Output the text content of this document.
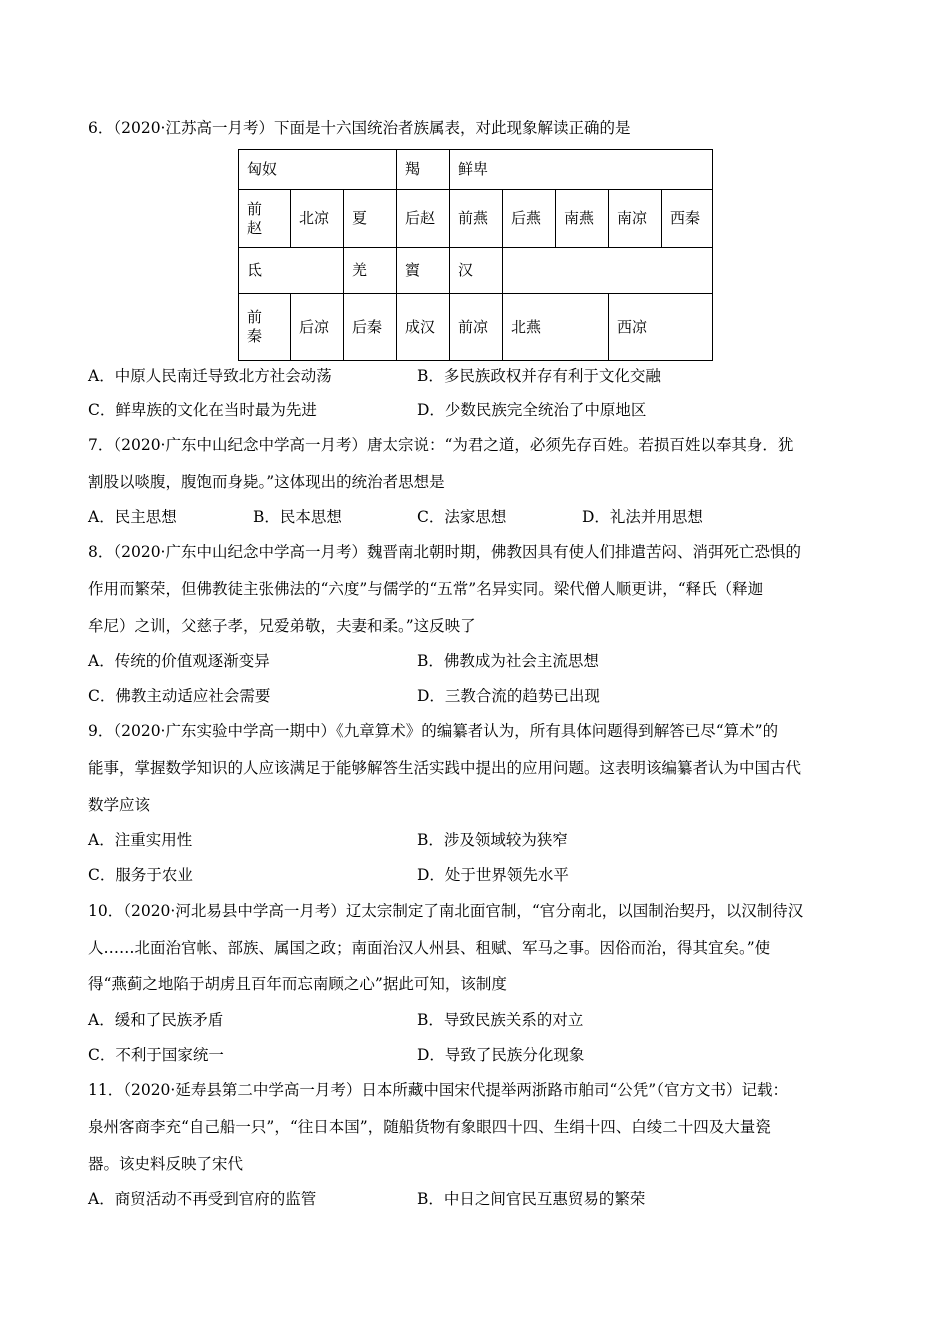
6．（2020·江苏高一月考）下面是十六国统治者族属表，对此现象解读正确的是
匈奴			羯	鲜卑				

前赵	北凉	夏	后赵	前燕	后燕	南燕	南凉	西秦
氐		羌	賨	汉				

前秦	后凉	后秦	成汉	前凉	北燕		西凉	
A．中原人民南迁导致北方社会动荡	B．多民族政权并存有利于文化交融
C．鲜卑族的文化在当时最为先进	D．少数民族完全统治了中原地区
7．（2020·广东中山纪念中学高一月考）唐太宗说：“为君之道，必须先存百姓。若损百姓以奉其身．犹
割股以啖腹，腹饱而身毙。”这体现出的统治者思想是
A．民主思想	B．民本思想	C．法家思想	D．礼法并用思想
8．（2020·广东中山纪念中学高一月考）魏晋南北朝时期，佛教因具有使人们排遣苦闷、消弭死亡恐惧的
作用而繁荣，但佛教徒主张佛法的“六度”与儒学的“五常”名异实同。梁代僧人顺更讲，“释氏（释迦
牟尼）之训，父慈子孝，兄爱弟敬，夫妻和柔。”这反映了
A．传统的价值观逐渐变异	B．佛教成为社会主流思想
C．佛教主动适应社会需要	D．三教合流的趋势已出现
9．（2020·广东实验中学高一期中）《九章算术》的编纂者认为，所有具体问题得到解答已尽“算术”的
能事，掌握数学知识的人应该满足于能够解答生活实践中提出的应用问题。这表明该编纂者认为中国古代
数学应该
A．注重实用性	B．涉及领域较为狭窄
C．服务于农业	D．处于世界领先水平
10．（2020·河北易县中学高一月考）辽太宗制定了南北面官制，“官分南北，以国制治契丹，以汉制待汉
人……北面治官帐、部族、属国之政；南面治汉人州县、租赋、军马之事。因俗而治，得其宜矣。”使
得“燕蓟之地陷于胡虏且百年而忘南顾之心”据此可知，该制度
A．缓和了民族矛盾	B．导致民族关系的对立
C．不利于国家统一	D．导致了民族分化现象
11．（2020·延寿县第二中学高一月考）日本所藏中国宋代提举两浙路市舶司“公凭”（官方文书）记载：
泉州客商李充“自己船一只”，“往日本国”，随船货物有象眼四十四、生绢十四、白绫二十四及大量瓷
器。该史料反映了宋代
A．商贸活动不再受到官府的监管	B．中日之间官民互惠贸易的繁荣
